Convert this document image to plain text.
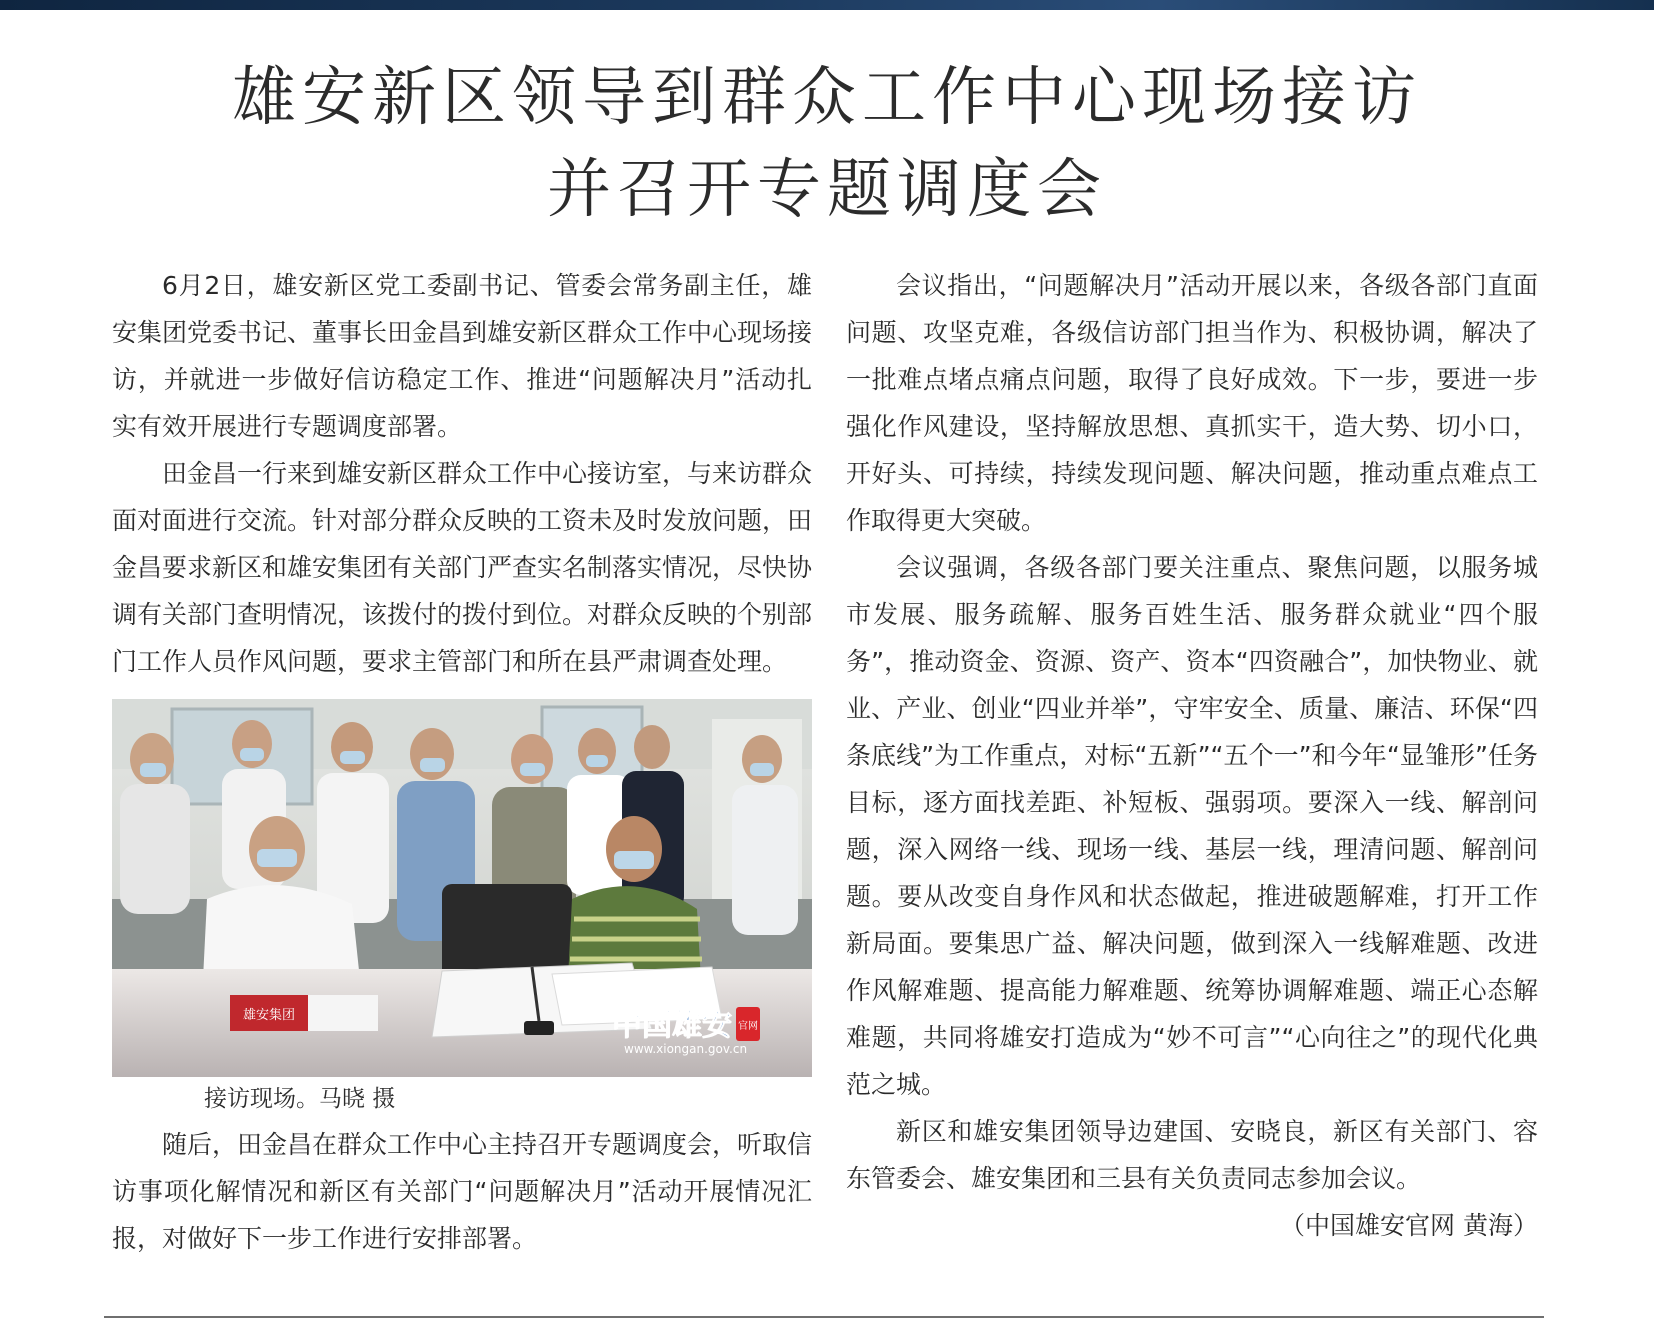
雄安新区领导到群众工作中心现场接访
并召开专题调度会

6月2日，雄安新区党工委副书记、管委会常务副主任，雄安集团党委书记、董事长田金昌到雄安新区群众工作中心现场接访，并就进一步做好信访稳定工作、推进“问题解决月”活动扎实有效开展进行专题调度部署。

田金昌一行来到雄安新区群众工作中心接访室，与来访群众面对面进行交流。针对部分群众反映的工资未及时发放问题，田金昌要求新区和雄安集团有关部门严查实名制落实情况，尽快协调有关部门查明情况，该拨付的拨付到位。对群众反映的个别部门工作人员作风问题，要求主管部门和所在县严肃调查处理。

雄安集团	中国雄安 官网
www.xiongan.gov.cn

接访现场。马晓 摄

随后，田金昌在群众工作中心主持召开专题调度会，听取信访事项化解情况和新区有关部门“问题解决月”活动开展情况汇报，对做好下一步工作进行安排部署。

会议指出，“问题解决月”活动开展以来，各级各部门直面问题、攻坚克难，各级信访部门担当作为、积极协调，解决了一批难点堵点痛点问题，取得了良好成效。下一步，要进一步强化作风建设，坚持解放思想、真抓实干，造大势、切小口，开好头、可持续，持续发现问题、解决问题，推动重点难点工作取得更大突破。

会议强调，各级各部门要关注重点、聚焦问题，以服务城市发展、服务疏解、服务百姓生活、服务群众就业“四个服务”，推动资金、资源、资产、资本“四资融合”，加快物业、就业、产业、创业“四业并举”，守牢安全、质量、廉洁、环保“四条底线”为工作重点，对标“五新”“五个一”和今年“显雏形”任务目标，逐方面找差距、补短板、强弱项。要深入一线、解剖问题，深入网络一线、现场一线、基层一线，理清问题、解剖问题。要从改变自身作风和状态做起，推进破题解难，打开工作新局面。要集思广益、解决问题，做到深入一线解难题、改进作风解难题、提高能力解难题、统筹协调解难题、端正心态解难题，共同将雄安打造成为“妙不可言”“心向往之”的现代化典范之城。

新区和雄安集团领导边建国、安晓良，新区有关部门、容东管委会、雄安集团和三县有关负责同志参加会议。

（中国雄安官网 黄海）
